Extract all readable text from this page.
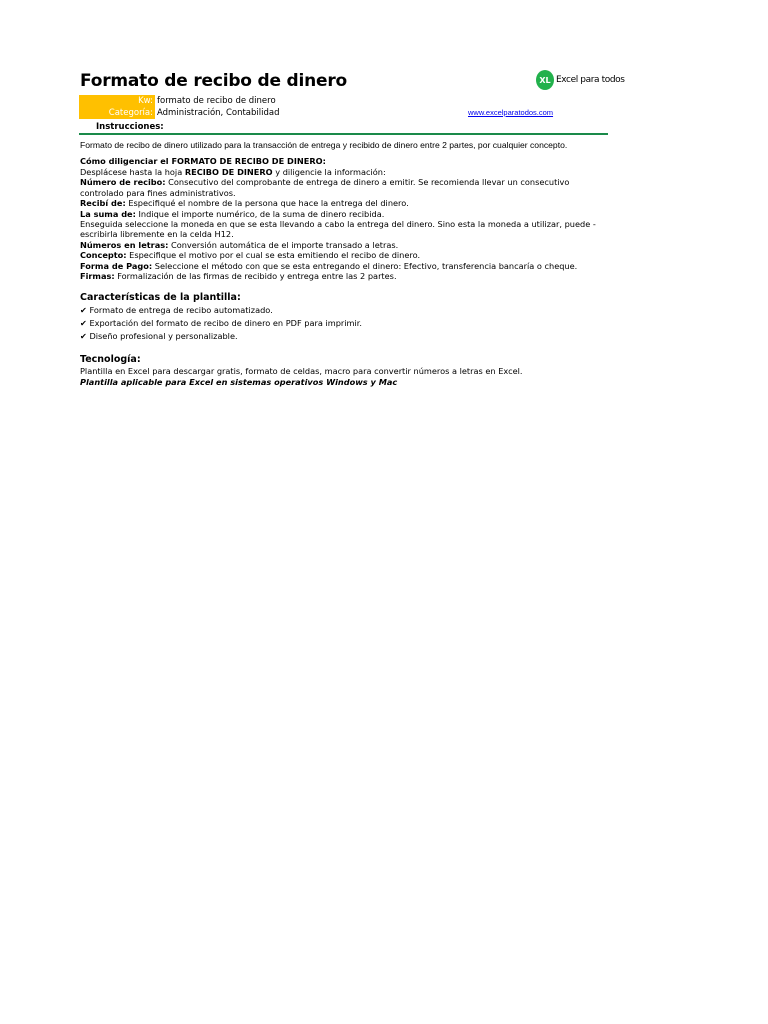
Formato de recibo de dinero	XL Excel para todos
Kw: formato de recibo de dinero
Categoría: Administración, Contabilidad	www.excelparatodos.com
Instrucciones:

Formato de recibo de dinero utilizado para la transacción de entrega y recibido de dinero entre 2 partes, por cualquier concepto.

Cómo diligenciar el FORMATO DE RECIBO DE DINERO:

Desplácese hasta la hoja RECIBO DE DINERO y diligencie la información:

Número de recibo: Consecutivo del comprobante de entrega de dinero a emitir. Se recomienda llevar un consecutivo controlado para fines administrativos.

Recibí de: Especifiqué el nombre de la persona que hace la entrega del dinero.

La suma de: Indique el importe numérico, de la suma de dinero recibida.

Enseguida seleccione la moneda en que se esta llevando a cabo la entrega del dinero. Sino esta la moneda a utilizar, puede - escribirla libremente en la celda H12.

Números en letras: Conversión automática de el importe transado a letras.

Concepto: Especifique el motivo por el cual se esta emitiendo el recibo de dinero.

Forma de Pago: Seleccione el método con que se esta entregando el dinero: Efectivo, transferencia bancaría o cheque.

Firmas: Formalización de las firmas de recibido y entrega entre las 2 partes.

Características de la plantilla:

✔ Formato de entrega de recibo automatizado.

✔ Exportación del formato de recibo de dinero en PDF para imprimir.

✔ Diseño profesional y personalizable.

Tecnología:

Plantilla en Excel para descargar gratis, formato de celdas, macro para convertir números a letras en Excel.

Plantilla aplicable para Excel en sistemas operativos Windows y Mac
